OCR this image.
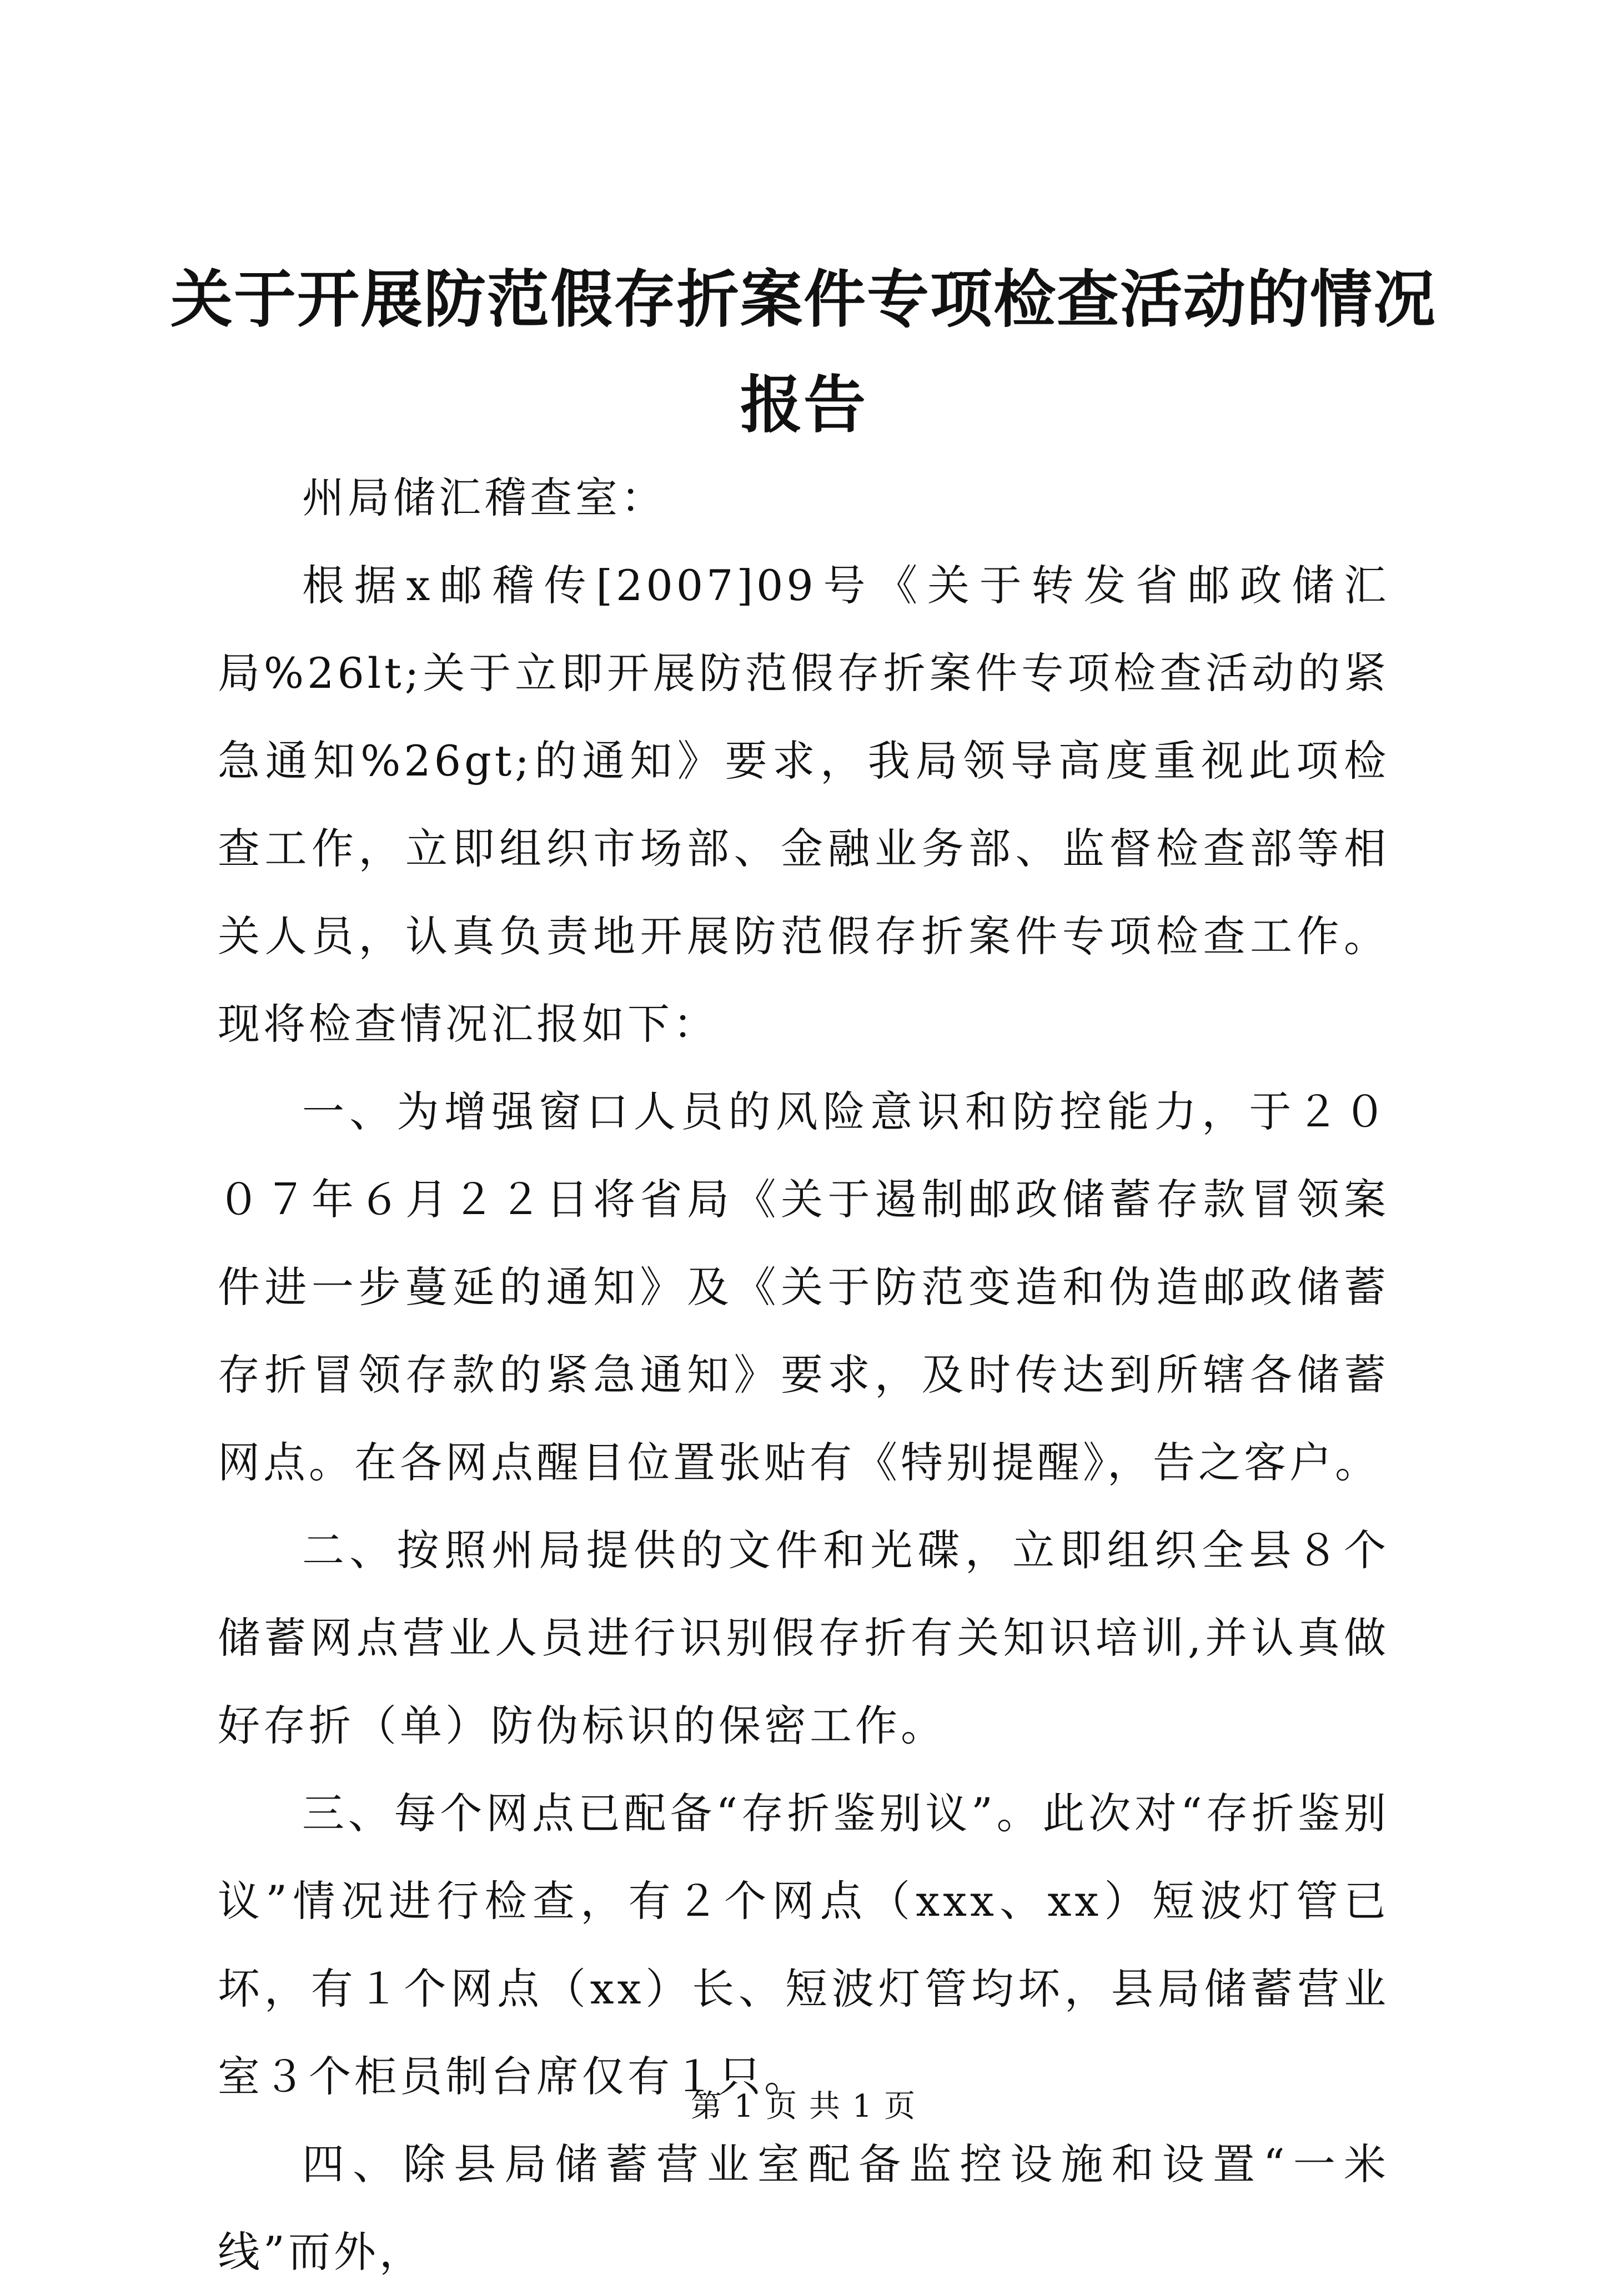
关于开展防范假存折案件专项检查活动的情况
报告

州局储汇稽查室：

根据x邮稽传[2007]09号《关于转发省邮政储汇局%26lt;关于立即开展防范假存折案件专项检查活动的紧急通知%26gt;的通知》要求，我局领导高度重视此项检查工作，立即组织市场部、金融业务部、监督检查部等相关人员，认真负责地开展防范假存折案件专项检查工作。现将检查情况汇报如下：

一、为增强窗口人员的风险意识和防控能力，于２００７年６月２２日将省局《关于遏制邮政储蓄存款冒领案件进一步蔓延的通知》及《关于防范变造和伪造邮政储蓄存折冒领存款的紧急通知》要求，及时传达到所辖各储蓄网点。在各网点醒目位置张贴有《特别提醒》，告之客户。

二、按照州局提供的文件和光碟，立即组织全县８个储蓄网点营业人员进行识别假存折有关知识培训,并认真做好存折（单）防伪标识的保密工作。

三、每个网点已配备“存折鉴别议”。此次对“存折鉴别议”情况进行检查，有２个网点（xxx、xx）短波灯管已坏，有１个网点（xx）长、短波灯管均坏，县局储蓄营业室３个柜员制台席仅有１只。

四、除县局储蓄营业室配备监控设施和设置“一米线”而外，

第 1 页 共 1 页
